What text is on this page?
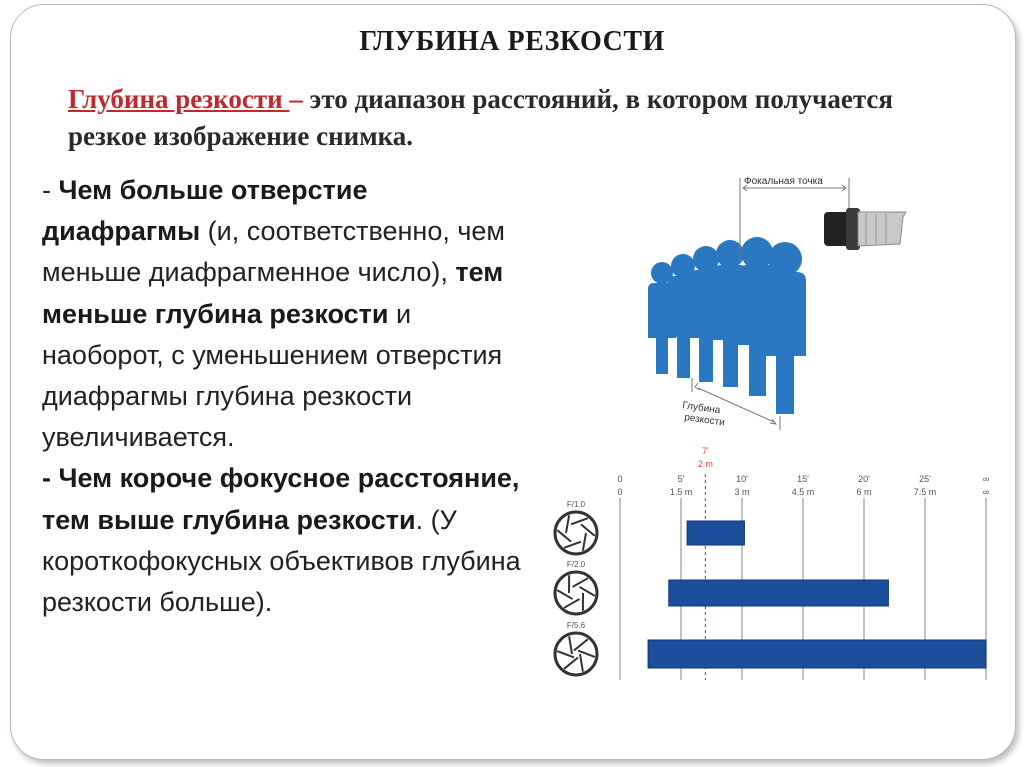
ГЛУБИНА РЕЗКОСТИ
Глубина резкости – это диапазон расстояний, в котором получается резкое изображение снимка.
- Чем больше отверстие диафрагмы (и, соответственно, чем меньше диафрагменное число), тем меньше глубина резкости и наоборот, с уменьшением отверстия диафрагмы глубина резкости увеличивается.
- Чем короче фокусное расстояние, тем выше глубина резкости. (У короткофокусных объективов глубина резкости больше).
Фокальная точка
Глубина
резкости
0
0
5'
1.5 m
10'
3 m
15'
4.5 m
20'
6 m
25'
7.5 m
∞
∞
7'
2 m
F/1.0
F/2.0
F/5.6
